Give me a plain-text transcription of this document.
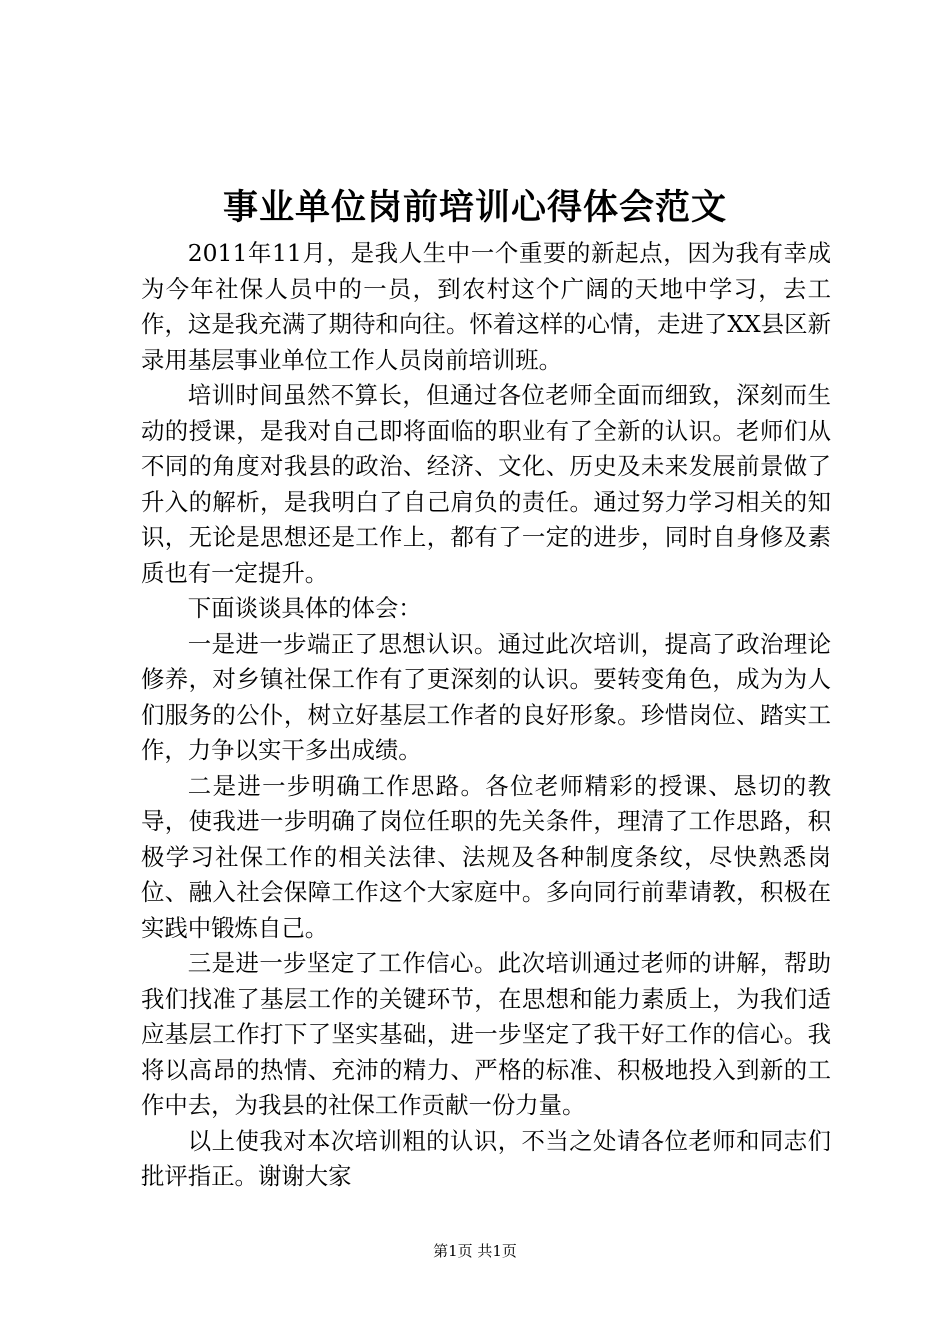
事业单位岗前培训心得体会范文

2011年11月，是我人生中一个重要的新起点，因为我有幸成为今年社保人员中的一员，到农村这个广阔的天地中学习，去工作，这是我充满了期待和向往。怀着这样的心情，走进了XX县区新录用基层事业单位工作人员岗前培训班。

培训时间虽然不算长，但通过各位老师全面而细致，深刻而生动的授课，是我对自己即将面临的职业有了全新的认识。老师们从不同的角度对我县的政治、经济、文化、历史及未来发展前景做了升入的解析，是我明白了自己肩负的责任。通过努力学习相关的知识，无论是思想还是工作上，都有了一定的进步，同时自身修及素质也有一定提升。

下面谈谈具体的体会：

一是进一步端正了思想认识。通过此次培训，提高了政治理论修养，对乡镇社保工作有了更深刻的认识。要转变角色，成为为人们服务的公仆，树立好基层工作者的良好形象。珍惜岗位、踏实工作，力争以实干多出成绩。

二是进一步明确工作思路。各位老师精彩的授课、恳切的教导，使我进一步明确了岗位任职的先关条件，理清了工作思路，积极学习社保工作的相关法律、法规及各种制度条纹，尽快熟悉岗位、融入社会保障工作这个大家庭中。多向同行前辈请教，积极在实践中锻炼自己。

三是进一步坚定了工作信心。此次培训通过老师的讲解，帮助我们找准了基层工作的关键环节，在思想和能力素质上，为我们适应基层工作打下了坚实基础，进一步坚定了我干好工作的信心。我将以高昂的热情、充沛的精力、严格的标准、积极地投入到新的工作中去，为我县的社保工作贡献一份力量。

以上使我对本次培训粗的认识，不当之处请各位老师和同志们批评指正。谢谢大家

第1页 共1页
